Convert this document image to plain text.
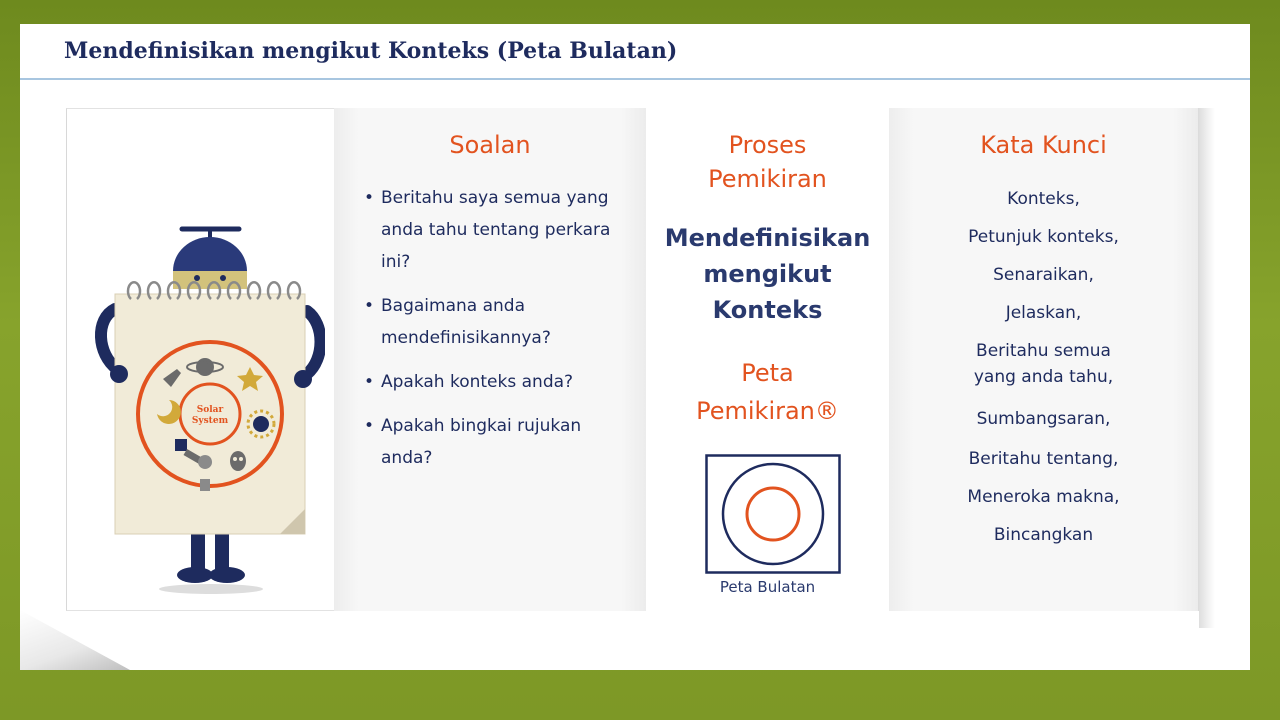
Mendefinisikan mengikut Konteks (Peta Bulatan)
Solar
System
Soalan
• Beritahu saya semua yang anda tahu tentang perkara ini?
• Bagaimana anda mendefinisikannya?
• Apakah konteks anda?
• Apakah bingkai rujukan anda?
Proses
Pemikiran
Mendefinisikan
mengikut
Konteks
Peta
Pemikiran®
Peta Bulatan
Kata Kunci
Konteks,
Petunjuk konteks,
Senaraikan,
Jelaskan,
Beritahu semua
yang anda tahu,
Sumbangsaran,
Beritahu tentang,
Meneroka makna,
Bincangkan
